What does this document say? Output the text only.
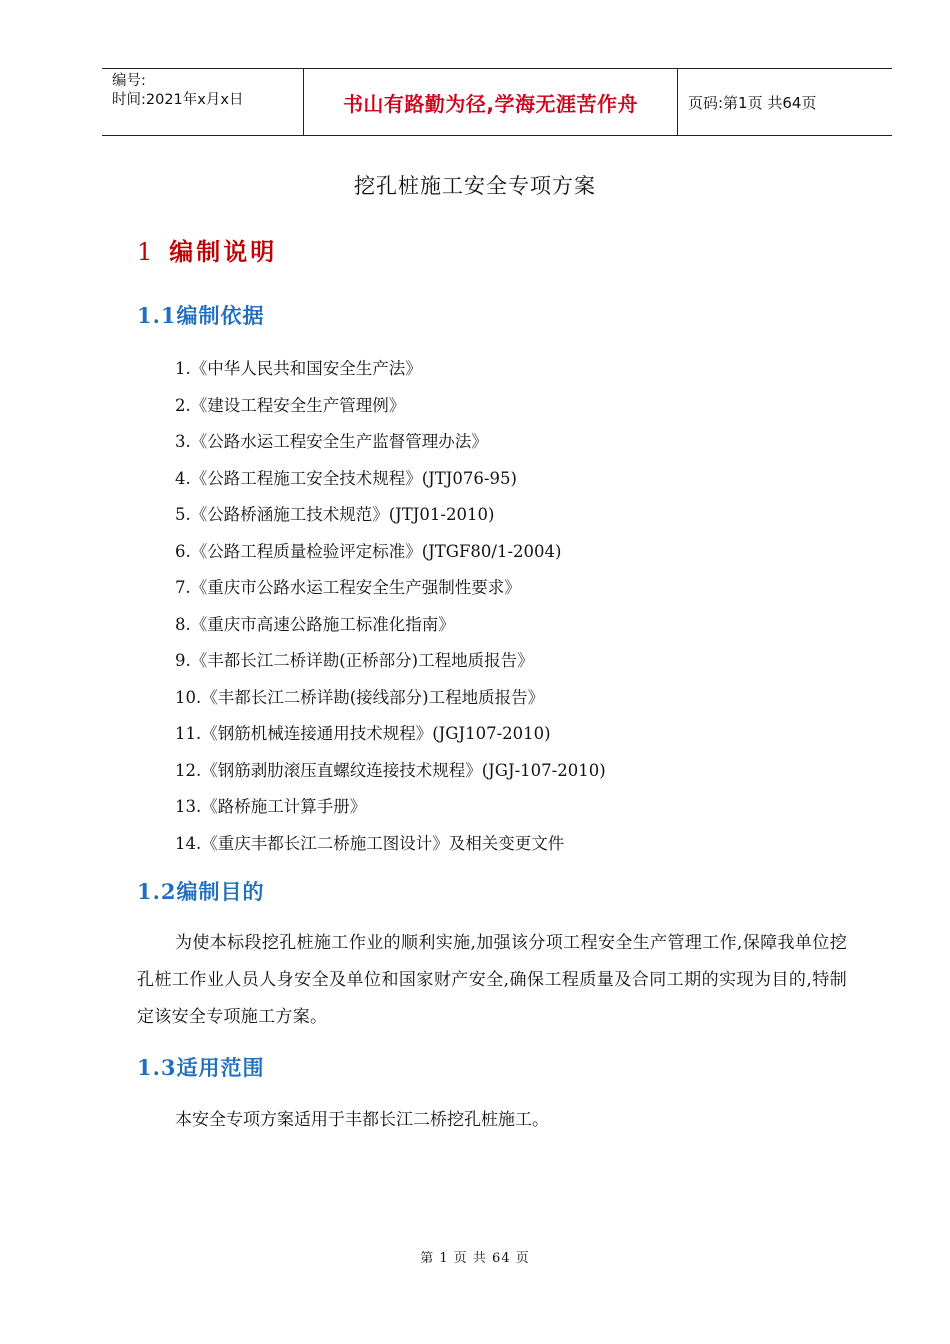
编号:
时间:2021年x月x日	书山有路勤为径,学海无涯苦作舟	页码:第1页 共64页
挖孔桩施工安全专项方案
1 编制说明
1.1编制依据
1.《中华人民共和国安全生产法》
2.《建设工程安全生产管理例》
3.《公路水运工程安全生产监督管理办法》
4.《公路工程施工安全技术规程》(JTJ076-95)
5.《公路桥涵施工技术规范》(JTJ01-2010)
6.《公路工程质量检验评定标准》(JTGF80/1-2004)
7.《重庆市公路水运工程安全生产强制性要求》
8.《重庆市高速公路施工标准化指南》
9.《丰都长江二桥详勘(正桥部分)工程地质报告》
10.《丰都长江二桥详勘(接线部分)工程地质报告》
11.《钢筋机械连接通用技术规程》(JGJ107-2010)
12.《钢筋剥肋滚压直螺纹连接技术规程》(JGJ-107-2010)
13.《路桥施工计算手册》
14.《重庆丰都长江二桥施工图设计》及相关变更文件
1.2编制目的
为使本标段挖孔桩施工作业的顺利实施,加强该分项工程安全生产管理工作,保障我单位挖孔桩工作业人员人身安全及单位和国家财产安全,确保工程质量及合同工期的实现为目的,特制定该安全专项施工方案。
1.3适用范围
本安全专项方案适用于丰都长江二桥挖孔桩施工。
第 1 页 共 64 页
